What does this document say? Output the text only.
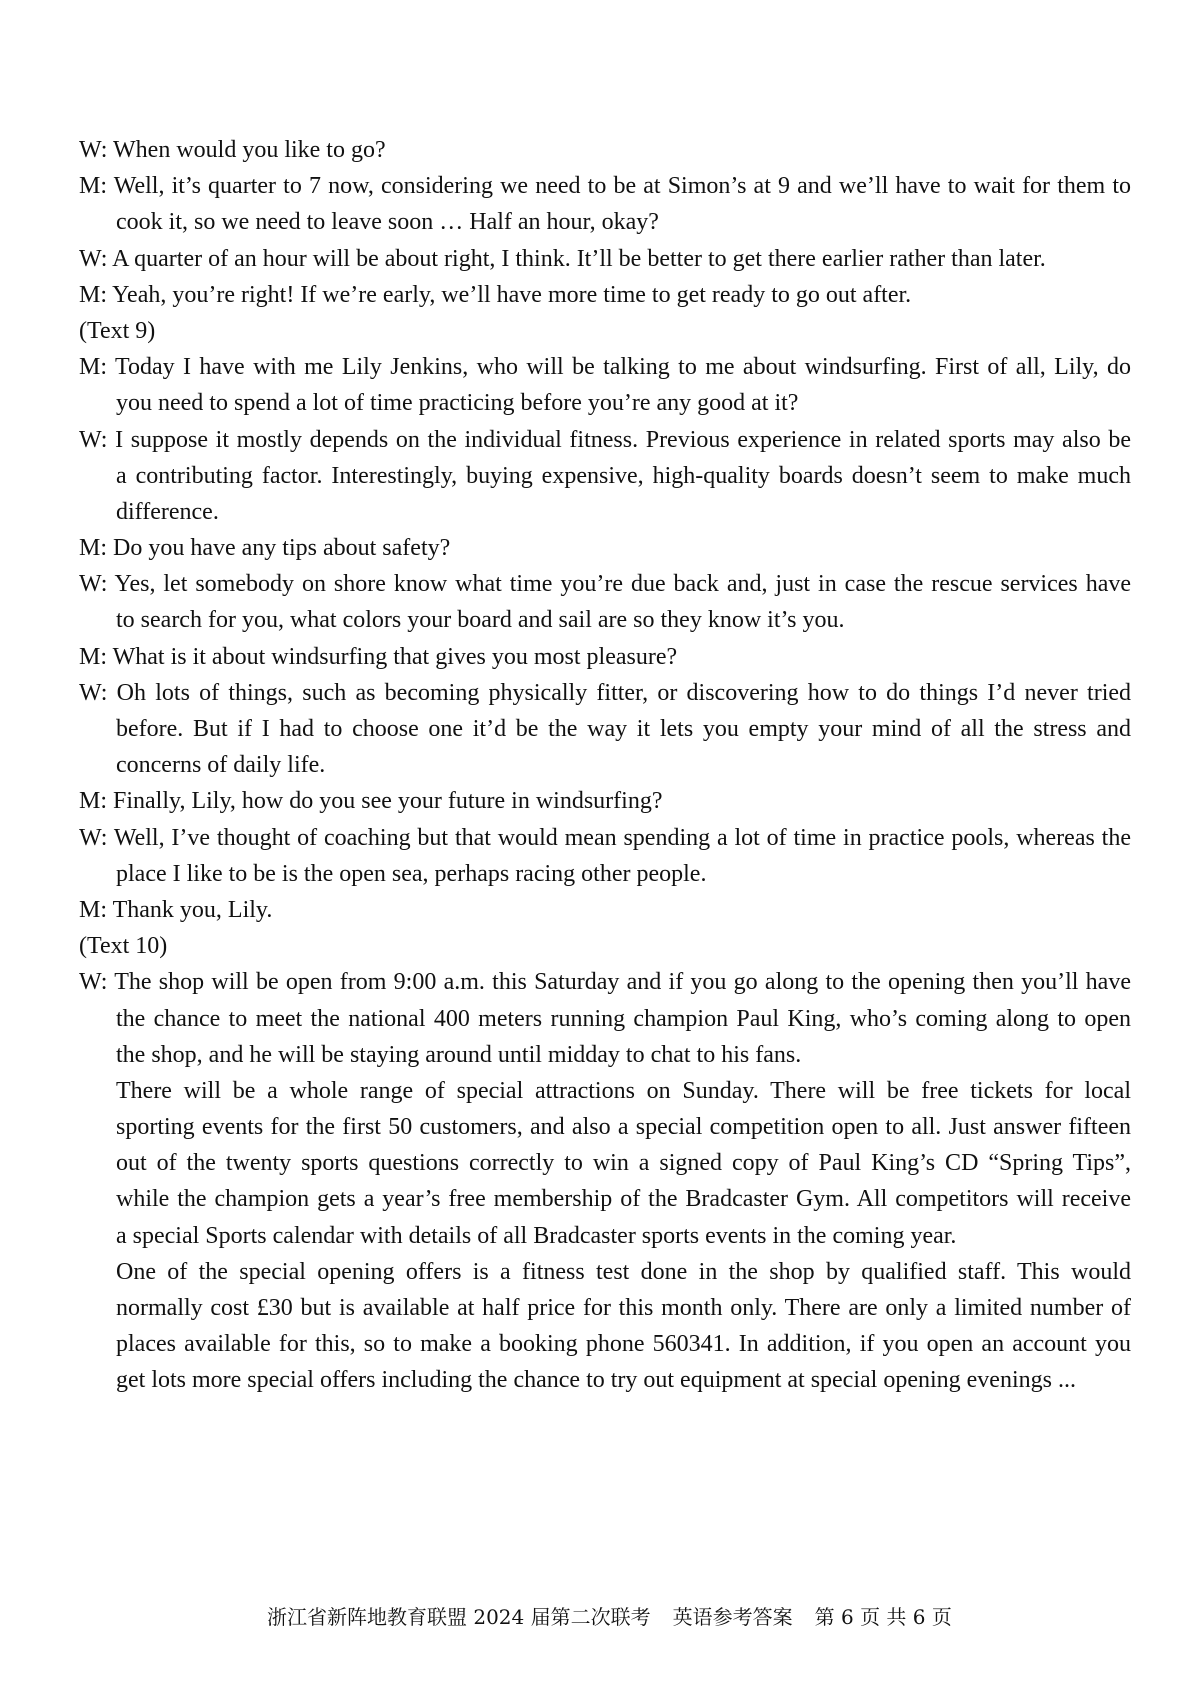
W: When would you like to go?
M: Well, it’s quarter to 7 now, considering we need to be at Simon’s at 9 and we’ll have to wait for them to
cook it, so we need to leave soon … Half an hour, okay?
W: A quarter of an hour will be about right, I think. It’ll be better to get there earlier rather than later.
M: Yeah, you’re right! If we’re early, we’ll have more time to get ready to go out after.
(Text 9)
M: Today I have with me Lily Jenkins, who will be talking to me about windsurfing. First of all, Lily, do
you need to spend a lot of time practicing before you’re any good at it?
W: I suppose it mostly depends on the individual fitness. Previous experience in related sports may also be
a contributing factor. Interestingly, buying expensive, high-quality boards doesn’t seem to make much
difference.
M: Do you have any tips about safety?
W: Yes, let somebody on shore know what time you’re due back and, just in case the rescue services have
to search for you, what colors your board and sail are so they know it’s you.
M: What is it about windsurfing that gives you most pleasure?
W: Oh lots of things, such as becoming physically fitter, or discovering how to do things I’d never tried
before. But if I had to choose one it’d be the way it lets you empty your mind of all the stress and
concerns of daily life.
M: Finally, Lily, how do you see your future in windsurfing?
W: Well, I’ve thought of coaching but that would mean spending a lot of time in practice pools, whereas the
place I like to be is the open sea, perhaps racing other people.
M: Thank you, Lily.
(Text 10)
W: The shop will be open from 9:00 a.m. this Saturday and if you go along to the opening then you’ll have
the chance to meet the national 400 meters running champion Paul King, who’s coming along to open
the shop, and he will be staying around until midday to chat to his fans.
There will be a whole range of special attractions on Sunday. There will be free tickets for local
sporting events for the first 50 customers, and also a special competition open to all. Just answer fifteen
out of the twenty sports questions correctly to win a signed copy of Paul King’s CD “Spring Tips”,
while the champion gets a year’s free membership of the Bradcaster Gym. All competitors will receive
a special Sports calendar with details of all Bradcaster sports events in the coming year.
One of the special opening offers is a fitness test done in the shop by qualified staff. This would
normally cost £30 but is available at half price for this month only. There are only a limited number of
places available for this, so to make a booking phone 560341. In addition, if you open an account you
get lots more special offers including the chance to try out equipment at special opening evenings ...
浙江省新阵地教育联盟 2024 届第二次联考 英语参考答案 第 6 页 共 6 页
